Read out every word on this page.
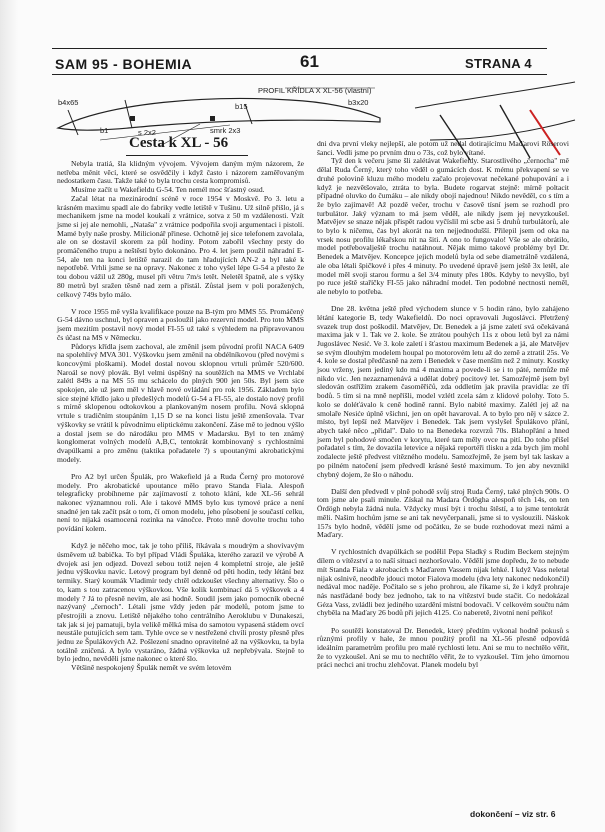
SAM 95 - BOHEMIA	61	STRANA 4
PROFIL KŘÍDLA X XL-56 (vlastní)
b4x65	b15	b3x20
b1	s 2x2	smrk 2x3
Cesta k XL - 56

Nebyla tratiá, šla klidným vývojem. Vývojem daným mým názorem, že netřeba měnit věcí, které se osvědčily i když často i názorem zaměřovaným nedostatkem času. Takže také to byla trochu cesta kompromisů.

Musíme začít u Wakefieldu G-54. Ten nemél moc šťastný osud.

Začal létat na mezinárodní scéně v roce 1954 v Moskvě. Po 3. letu a krásném maximu spadl ale do fabriky vedle letiště v Tušinu. Už silně přišlo, já s mechanikem jsme na model koukali z vrátnice, sotva z 50 m vzdálenosti. Vzít jsme si jej ale nemohli, „Nataša" z vrátnice podpořila svoji argumentaci i pistolí. Mamé byly naše prosby. Milicionář přinese. Ochotně jej sice telefonem zavolala, ale on se dostavil skorem za půl hodiny. Potom zabořil všechny prsty do promáčeného trupu a neštěstí bylo dokonáno. Pro 4. let jsem použil náhradní E-54, ale ten na konci letiště narazil do tam hřadujících AN-2 a byl také k nepotřebě. Vrhli jsme se na opravy. Nakonec z toho vyšel lépe G-54 a přesto že tou dobou vážil už 280g, musel při větru 7m/s letět. Neletěl špatně, ale s výšky 80 metrů byl sražen těsně nad zem a přistál. Zůstal jsem v poli poražených, celkový 749s bylo málo.

V roce 1955 mě vyšla kvalifikace pouze na B-tým pro MMS 55. Promáčený G-54 dávno uschnul, byl opraven a posloužil jako rezervní model. Pro toto MMS jsem mezitím postavil nový model FI-55 už také s výhledem na připravovanou čs účast na MS v Německu.

Půdorys křídla jsem zachoval, ale změnil jsem původní profil NACA 6409 na spolehlivý MVA 301. Výškovku jsem změnil na obdélníkovou (před novými s koncovými ploškami). Model dostal novou sklopnou vrtuli průměr 520/600. Naroál se nový plovák. Byl velmi úspěšný na soutěžích na MMS ve Vrchlabí zalétl 849s a na MS 55 mu schácelo do plných 900 jen 50s. Byl jsem sice spokojen, ale už jsem měl v hlavě nové ovládání pro rok 1956. Základem bylo sice stejné křídlo jako u předešlých modelů G-54 a FI-55, ale dostalo nový profil s mírně sklopenou odtokovkou a plankovaným nosem profilu. Nová sklopná vrtule s tradičním stoupáním 1,15 D se na konci listu ještě zmenšovala. Tvar výškovky se vrátil k původnímu eliptickému zakončení. Záse mě to jednou výšlo a dostal jsem se do národáku pro MMS v Madarsku. Byl to ten známý konglomerat volných modelů A,B,C, tentokrát kombinovaný s rychlostními dvapúlkami a pro změnu (taktika pořadatele ?) s upoutanými akrobatickými modely.

Pro A2 byl určen Špulák, pro Wakefield já a Ruda Černý pro motorové modely. Pro akrobatické upoutance mělo pravo Standa Fiala. Alespoň telegraficky probíhneme pár zajímavostí z tohoto klání, kde XL-56 sehrál nakonec významnou roli. Ale i takové MMS bylo kus tymové práce a není snadné jen tak začít psát o tom, čí omon modelu, jeho působení je součastí celku, není to nijaká osamocená rozinka na vánočce. Proto mně dovolte trochu toho povídání kolem.

Když je něčeho moc, tak je toho příliš, říkávala s moudrým a shovívavým úsměvem už babička. To byl případ Vládi Špuláka, kterého zarazil ve výrobě A dvojek asi jen odjezd. Dovezl sebou totiž nejen 4 kompletní stroje, ale ještě jednu výškovku navíc. Letový program byl denně od pěti hodin, tedy létání bez termiky. Starý koumák Vladimír tedy chtěl odzkoušet všechny alternativy. Šlo o to, kam s tou zatracenou výškovkou. Vše kolik kombinací dá 5 výškovek a 4 modely ? Já to přesně nevím, ale asi hodně. Soudil jsem jako pomocník obecné nazývaný „černoch". Létali jsme vždy jeden pár modelů, potom jsme to přestrojili a znovu. Letiště nějakého toho centrálního Aeroklubu v Dunakeszi, tak jak si jej pamatuji, byla velikě mělká mísa do samotou vypasená stádem ovcí neustále putujících sem tam. Tyhle ovce se v nestřežené chvíli prosty přesně přes jednu ze Špulákových A2. Pošlezení snadno opravitelné až na výškovku, ta byla totálně zničená. A bylo vystaráno, žádná výškovka už nepřebývala. Stejně to bylo jedno, nevěděli jsme nakonec o které šlo.

Většině nespokojený Špulák nemět ve svém letovém

dni dva první vleky nejlepší, ale potom už nedal dotirajícímu Maďarovi Röserovi šanci. Vedli jsme po prvním dnu o 73s, což bylo vítané.

Tyž den k večeru jsme šli zalétávat Wakefieldy. Starostlivého „černocha" mě dělal Ruda Černý, který toho věděl o gumácích dost. K mému překvapení se ve druhé polovině kluzu mého modelu začalo projevovat nečekané pohupování a i když je nezvětšovalo, ztráta to byla. Budete rogarvat stejně: mírně poltacit případné oluvko do čumáku – ale nikdy obojí najednou! Nikdo nevěděl, co s tím a že bylo zajímavě! Až pozdě večer, trochu v časově tísní jsem se rozhodl pro turbulátor. Jaký význam to má jsem věděl, ale nikdy jsem jej nevyzkoušel. Matvějev se snaze nějak přispět radou vyčíslil mi scbe asi 5 druhů turbulátorů, ale to bylo k ničemu, čas byl akorát na ten nejjednodušší. Přilepil jsem od oka na vrsek nosu profilu lékařskou nit na šiti. A ono to fungovalo! Vše se ale obrátilo, model potřebovalještě trochu natáhnout. Nějak mimo takové problémy byl Dr. Benedek a Matvějev. Koncepce jejich modelů byla od sebe diametrálně vzdálená, ale oba létali špičkové i přes 4 minuty. Po uvedené úpravě jsem ještě 3x letěl, ale model měl svoji starou formu a šel 3/4 minuty přes 180s. Kdyby to nevyšlo, byl po ruce ještě staříčky FI-55 jako náhradní model. Ten podobné nectnosti neměl, ale nebylo to potřeba.

Dne 28. května ještě před východem slunce v 5 hodin ráno, bylo zahájeno létání kategorie B, tedy Wakefieldů. Do noci opravovali Jugoslávci. Přetržený svazek trup dost poškodil. Matvějev, Dr. Benedek a já jsme zaletí svá očekávaná maxima jak v 1. Tak ve 2. kole. Se ztrátou pouhých 11s z obou letů byl za námi Jugoslávec Nesić. Ve 3. kole zaletí i šťastou maximum Bedenek a já, ale Matvějev se svým dlouhým modelem houpal po motorovém letu až do země a ztratil 25s. Ve 4. kole se dostal předčasně na zem i Benedek v čase menším než 2 minuty. Kostky jsou vrženy, jsem jediný kdo má 4 maxima a povede-li se i to páté, nemůže mě nikdo vic. Jen nezaznamenává a udělat dobrý pocitový let. Samozřejmě jsem byl sledován ostřížím zrakem časoměřičů, zda oddletím jak pravila pravidla: ze tří bodů. 5 tím si na mně nepříšli, model vzlétl zcela sám z klidové polohy. Toto 5. kolo se doléťávalo k ceně hodině ranní. Bylo nabité maximy. Zalétl jej až na smolaře Nesiće úplně všichni, jen on opět havaroval. A to bylo pro něj v sázce 2. místo, byl lepší než Matvějev i Benedek. Tak jsem vyslyšel Špulákovo přání, abych také něco „přidal". Dalo to na Benedeka rozvrzů 70s. Blahopřání a hned jsem byl pohodové smočen v korytu, které tam měly ovce na pití. Do toho přišel pořadatel s tím, že dovazila letevice a nějaká reportéři tlisku a zda bych jim mohl zodalecte ještě předvest vítězného modelu. Samozřejmě, že jsem byl tak laskav a po pilném natočení jsem předvedl krásné šesté maximum. To jen aby nevznikl chybný dojem, že šlo o náhodu.

Další den předvedl v plně pohodě svůj stroj Ruda Černý, také plných 900s. O tom jsme ale psali minule. Získal na Madara Ördögha alespoň těch 14s, on ten Ördögh nebyla žádná nula. Vždycky musí být i trochu štěstí, a to jsme tentokrát měli. Našim hochům jsme se ani tak nevyčerpanali, jsme si to vyslouzili. Náskok 157s bylo hodně, vědělí jsme od počátku, že se bude rozhodovat mezi námi a Maďary.

V rychlostních dvapúlkách se podělil Pepa Sladký s Rudim Beckem stejným dílem o vítězství a to naší situaci nezhoršovalo. Vědělí jsme dopředu, že to nebude mít Standa Fiala v akrobacích s Maďarem Vassem nijak lehké. I když Vass neletal nijak oslnivě, neodbře jdouci motor Fialova modelu (dva lety nakonec nedokončil) nedával moc naděje. Počítalo se s jeho prohrou, ale říkame si, že i když prohraje nás nastřádané body bez jednoho, tak to na vítězství bude stačit. Co nedokázal Géza Vass, zvládli bez jediného uzardění místní bodovači. V celkovém součtu nám chyběla na Maďary 26 bodů při jejich 4125. Co naberetě, životní není peřiko!

Po soutěži konstatoval Dr. Benedek, který předtím vykonal hodně pokusů s různými profily v hale, že mnou použitý profil na XL-56 přesně odpovídá ideálním parametrům profilu pro malé rychlosti letu. Ani se mu to nechtělo věřit, že to vyzkoušel. Ani se mu to nechtělo věřit, že to vyzkoušel. Tím jeho úmornou práci nechci ani trochu zlehčovat. Planek modelu byl

dokončení – viz str. 6
